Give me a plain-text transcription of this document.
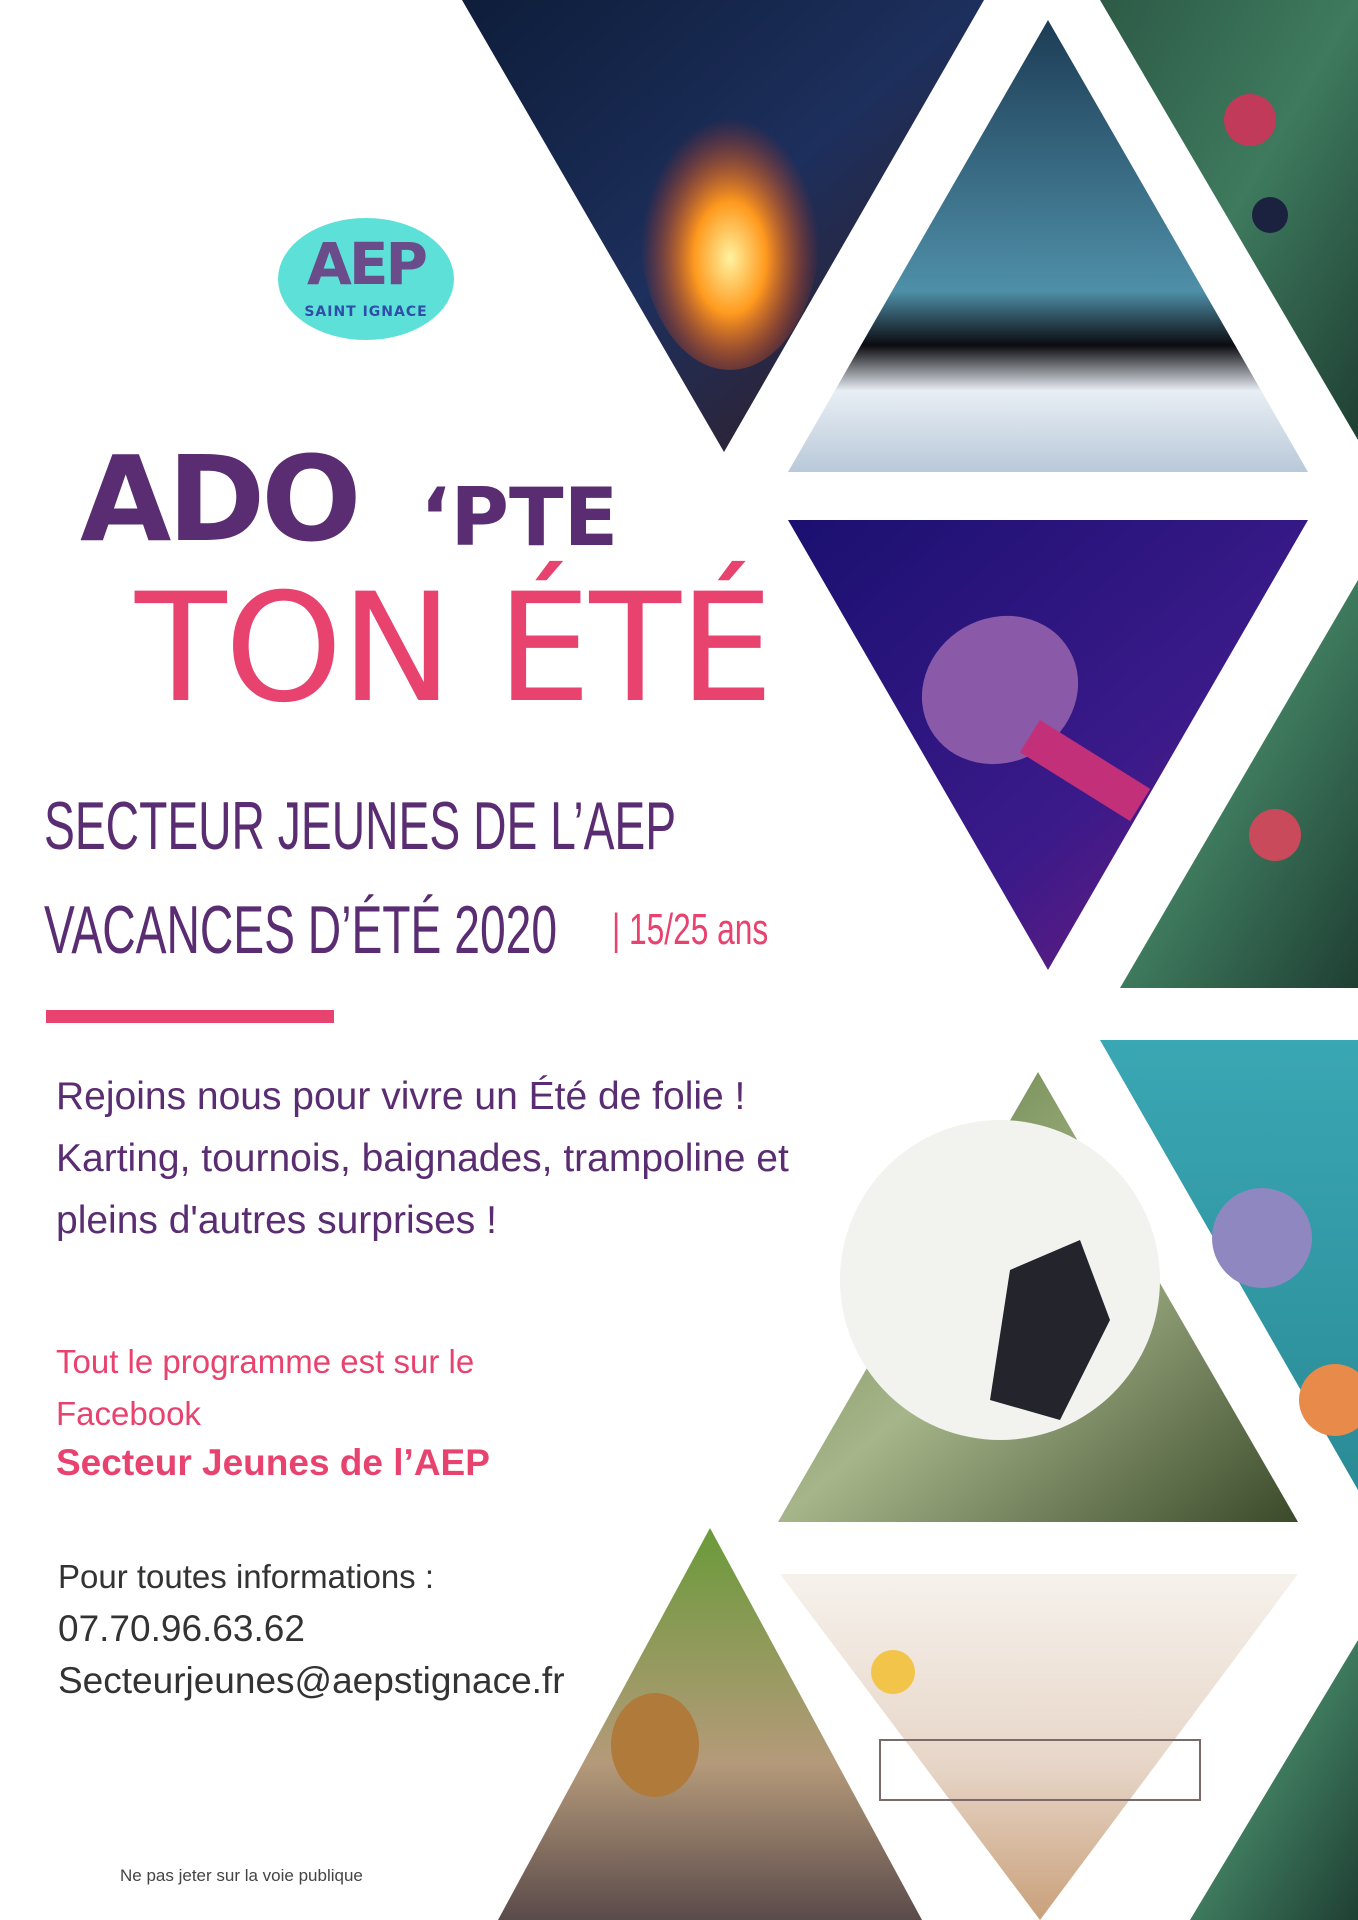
AEP
SAINT IGNACE
ADO ‘PTE
TON ÉTÉ
SECTEUR JEUNES DE L’AEP
VACANCES D’ÉTÉ 2020 | 15/25 ans
Rejoins nous pour vivre un Été de folie !
Karting, tournois, baignades, trampoline et
pleins d'autres surprises !
Tout le programme est sur le
Facebook
Secteur Jeunes de l’AEP
Pour toutes informations :
07.70.96.63.62
Secteurjeunes@aepstignace.fr
Ne pas jeter sur la voie publique
